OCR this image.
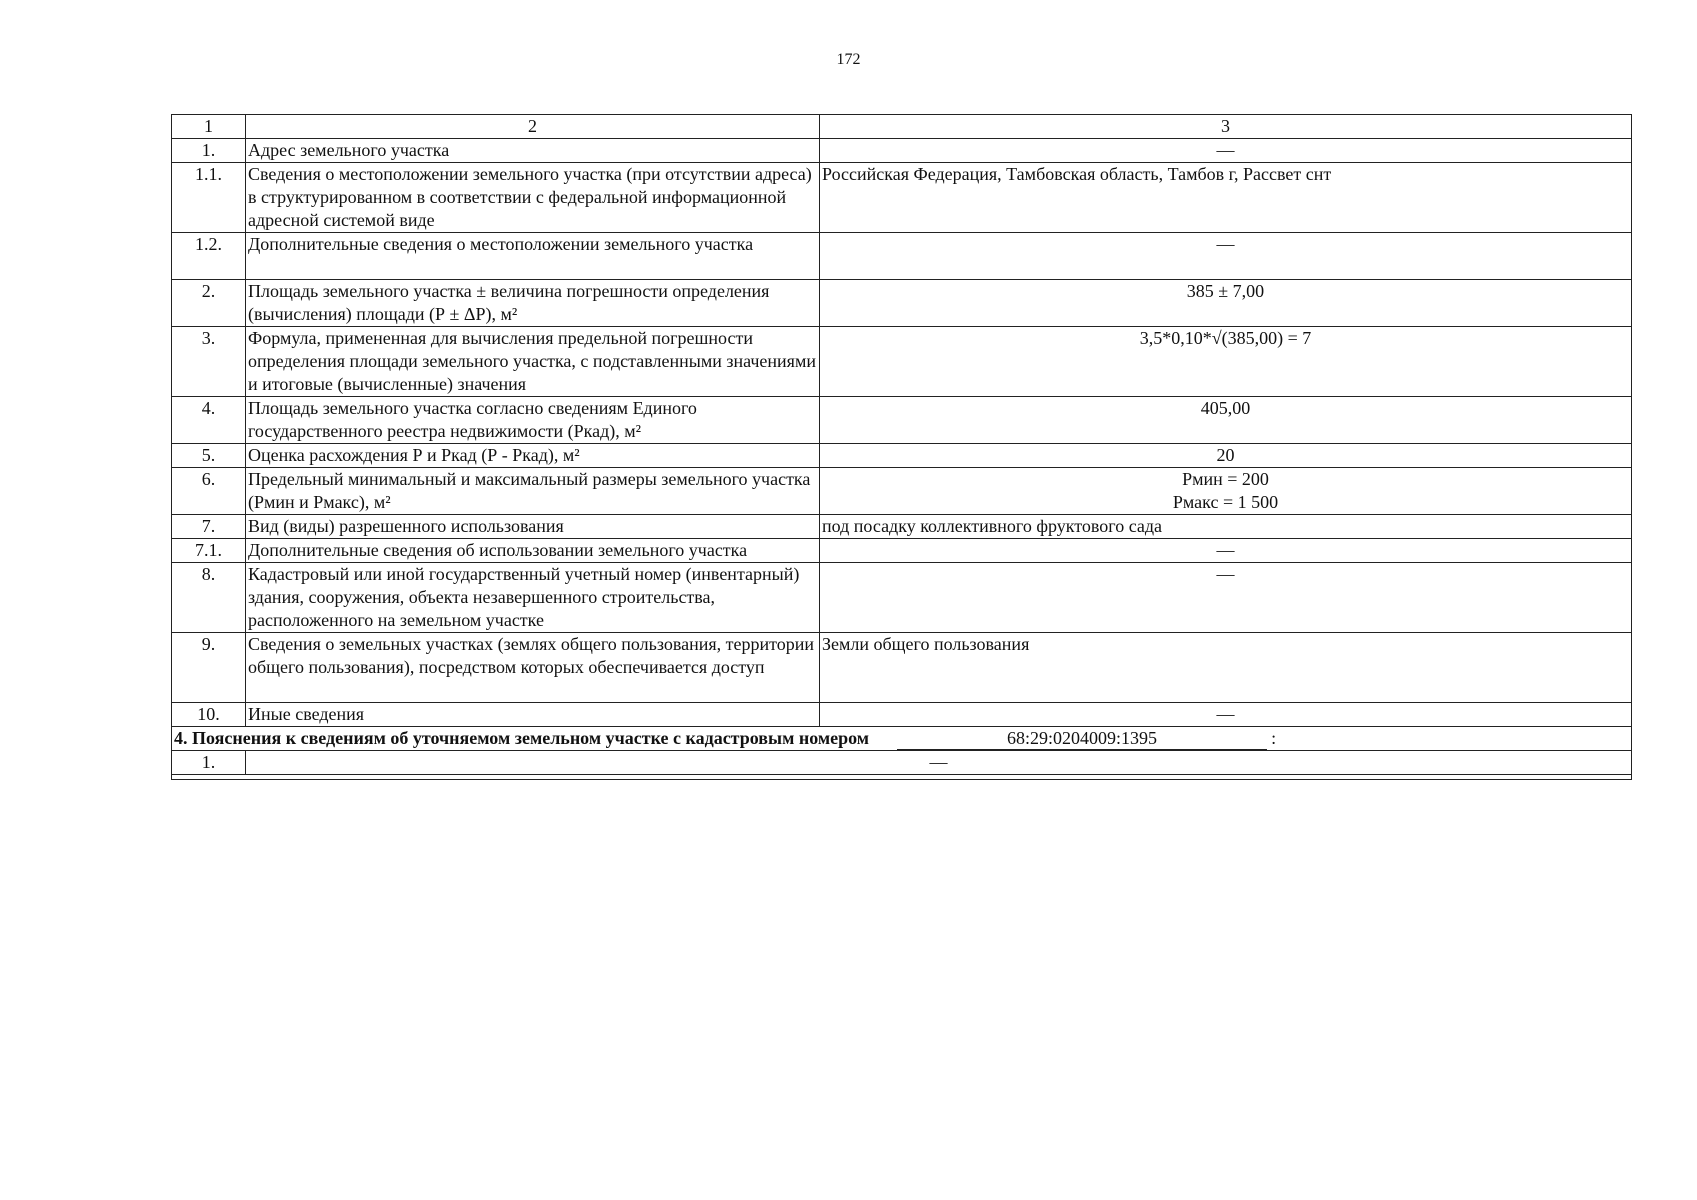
172
1	2	3
1.	Адрес земельного участка	—
1.1.	Сведения о местоположении земельного участка (при отсутствии адреса) в структурированном в соответствии с федеральной информационной адресной системой виде	Российская Федерация, Тамбовская область, Тамбов г, Рассвет снт
1.2.	Дополнительные сведения о местоположении земельного участка	—
2.	Площадь земельного участка ± величина погрешности определения (вычисления) площади (Р ± ΔР), м²	385 ± 7,00
3.	Формула, примененная для вычисления предельной погрешности определения площади земельного участка, с подставленными значениями и итоговые (вычисленные) значения	3,5*0,10*√(385,00) = 7
4.	Площадь земельного участка согласно сведениям Единого государственного реестра недвижимости (Ркад), м²	405,00
5.	Оценка расхождения Р и Ркад (Р - Ркад), м²	20
6.	Предельный минимальный и максимальный размеры земельного участка (Рмин и Рмакс), м²	Рмин = 200
Рмакс = 1 500

7.	Вид (виды) разрешенного использования	под посадку коллективного фруктового сада
7.1.	Дополнительные сведения об использовании земельного участка	—
8.	Кадастровый или иной государственный учетный номер (инвентарный) здания, сооружения, объекта незавершенного строительства, расположенного на земельном участке	—
9.	Сведения о земельных участках (землях общего пользования, территории общего пользования), посредством которых обеспечивается доступ	Земли общего пользования
10.	Иные сведения	—
4. Пояснения к сведениям об уточняемом земельном участке с кадастровым номером 68:29:0204009:1395 :		
1.	—	
